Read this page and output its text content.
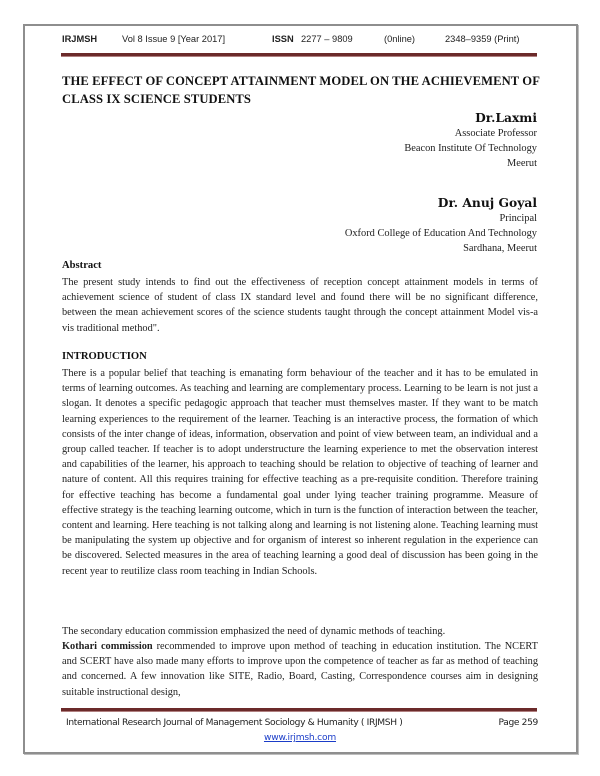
IRJMSH	Vol 8 Issue 9 [Year 2017]	ISSN 2277 – 9809	(0nline)	2348–9359 (Print)
THE EFFECT OF CONCEPT ATTAINMENT MODEL ON THE ACHIEVEMENT OF CLASS IX SCIENCE STUDENTS
Dr.Laxmi
Associate Professor
Beacon Institute Of Technology
Meerut
Dr. Anuj Goyal
Principal
Oxford College of Education And Technology
Sardhana, Meerut
Abstract
The present study intends to find out the effectiveness of reception concept attainment models in terms of achievement science of student of class IX standard level and found there will be no significant difference, between the mean achievement scores of the science students taught through the concept attainment Model vis-a vis traditional method".
INTRODUCTION
There is a popular belief that teaching is emanating form behaviour of the teacher and it has to be emulated in terms of learning outcomes. As teaching and learning are complementary process. Learning to be learn is not just a slogan. It denotes a specific pedagogic approach that teacher must themselves master. If they want to be match learning experiences to the requirement of the learner. Teaching is an interactive process, the formation of which consists of the inter change of ideas, information, observation and point of view between team, an individual and a group called teacher. If teacher is to adopt understructure the learning experience to met the observation interest and capabilities of the learner, his approach to teaching should be relation to objective of teaching of learner and nature of content. All this requires training for effective teaching as a pre-requisite condition. Therefore training for effective teaching has become a fundamental goal under lying teacher training programme. Measure of effective strategy is the teaching learning outcome, which in turn is the function of interaction between the teacher, content and learning. Here teaching is not talking along and learning is not listening alone. Teaching learning must be manipulating the system up objective and for organism of interest so inherent regulation in the experience can be discovered. Selected measures in the area of teaching learning a good deal of discussion has been going in the recent year to reutilize class room teaching in Indian Schools.
The secondary education commission emphasized the need of dynamic methods of teaching.
Kothari commission recommended to improve upon method of teaching in education institution. The NCERT and SCERT have also made many efforts to improve upon the competence of teacher as far as method of teaching and concerned. A few innovation like SITE, Radio, Board, Casting, Correspondence courses aim in designing suitable instructional design,
International Research Journal of Management Sociology & Humanity ( IRJMSH )	Page 259
www.irjmsh.com
